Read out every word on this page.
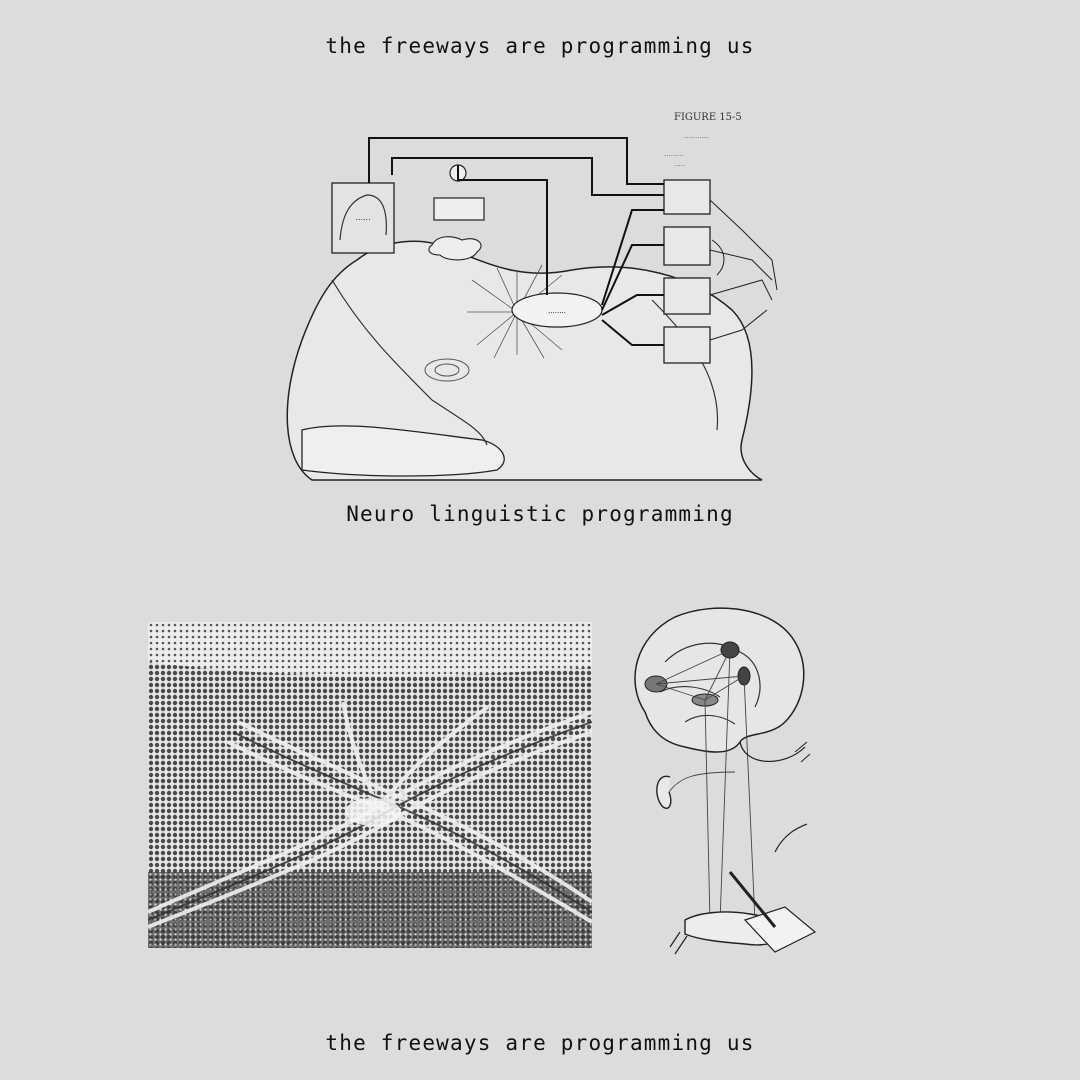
the freeways are programming us

......
........
FIGURE 15-5
...........
.........
.....

Neuro linguistic programming

the freeways are programming us
